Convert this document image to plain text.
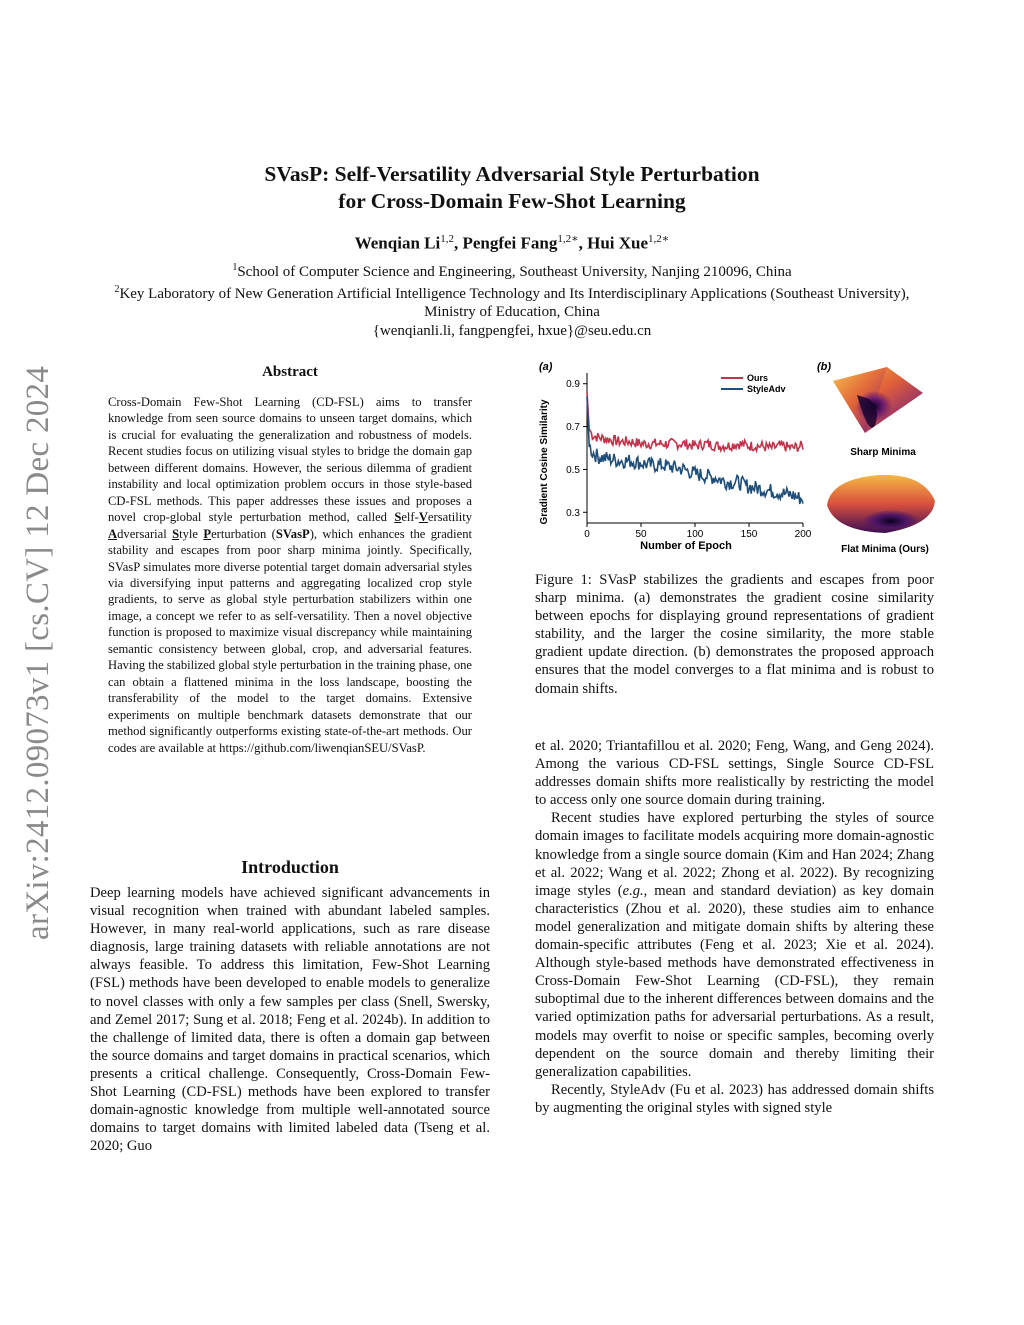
arXiv:2412.09073v1 [cs.CV] 12 Dec 2024
SVasP: Self-Versatility Adversarial Style Perturbation
for Cross-Domain Few-Shot Learning
Wenqian Li$^{1,2}$, Pengfei Fang$^{1,2∗}$, Hui Xue$^{1,2∗}$
$^1$School of Computer Science and Engineering, Southeast University, Nanjing 210096, China
$^2$Key Laboratory of New Generation Artificial Intelligence Technology and Its Interdisciplinary Applications (Southeast University), Ministry of Education, China
{wenqianli.li, fangpengfei, hxue}@seu.edu.cn
Abstract
Cross-Domain Few-Shot Learning (CD-FSL) aims to transfer knowledge from seen source domains to unseen target domains, which is crucial for evaluating the generalization and robustness of models. Recent studies focus on utilizing visual styles to bridge the domain gap between different domains. However, the serious dilemma of gradient instability and local optimization problem occurs in those style-based CD-FSL methods. This paper addresses these issues and proposes a novel crop-global style perturbation method, called Self-Versatility Adversarial Style Perturbation (SVasP), which enhances the gradient stability and escapes from poor sharp minima jointly. Specifically, SVasP simulates more diverse potential target domain adversarial styles via diversifying input patterns and aggregating localized crop style gradients, to serve as global style perturbation stabilizers within one image, a concept we refer to as self-versatility. Then a novel objective function is proposed to maximize visual discrepancy while maintaining semantic consistency between global, crop, and adversarial features. Having the stabilized global style perturbation in the training phase, one can obtain a flattened minima in the loss landscape, boosting the transferability of the model to the target domains. Extensive experiments on multiple benchmark datasets demonstrate that our method significantly outperforms existing state-of-the-art methods. Our codes are available at https://github.com/liwenqianSEU/SVasP.
Introduction

Deep learning models have achieved significant advancements in visual recognition when trained with abundant labeled samples. However, in many real-world applications, such as rare disease diagnosis, large training datasets with reliable annotations are not always feasible. To address this limitation, Few-Shot Learning (FSL) methods have been developed to enable models to generalize to novel classes with only a few samples per class (Snell, Swersky, and Zemel 2017; Sung et al. 2018; Feng et al. 2024b). In addition to the challenge of limited data, there is often a domain gap between the source domains and target domains in practical scenarios, which presents a critical challenge. Consequently, Cross-Domain Few-Shot Learning (CD-FSL) methods have been explored to transfer domain-agnostic knowledge from multiple well-annotated source domains to target domains with limited labeled data (Tseng et al. 2020; Guo

(a)	(b)
Gradient Cosine Similarity
Number of Epoch
0.3
0.5
0.7
0.9
0	50	100	150	200
Ours
StyleAdv
Sharp Minima
Flat Minima (Ours)
Figure 1: SVasP stabilizes the gradients and escapes from poor sharp minima. (a) demonstrates the gradient cosine similarity between epochs for displaying ground representations of gradient stability, and the larger the cosine similarity, the more stable gradient update direction. (b) demonstrates the proposed approach ensures that the model converges to a flat minima and is robust to domain shifts.

et al. 2020; Triantafillou et al. 2020; Feng, Wang, and Geng 2024). Among the various CD-FSL settings, Single Source CD-FSL addresses domain shifts more realistically by restricting the model to access only one source domain during training.

Recent studies have explored perturbing the styles of source domain images to facilitate models acquiring more domain-agnostic knowledge from a single source domain (Kim and Han 2024; Zhang et al. 2022; Wang et al. 2022; Zhong et al. 2022). By recognizing image styles (e.g., mean and standard deviation) as key domain characteristics (Zhou et al. 2020), these studies aim to enhance model generalization and mitigate domain shifts by altering these domain-specific attributes (Feng et al. 2023; Xie et al. 2024). Although style-based methods have demonstrated effectiveness in Cross-Domain Few-Shot Learning (CD-FSL), they remain suboptimal due to the inherent differences between domains and the varied optimization paths for adversarial perturbations. As a result, models may overfit to noise or specific samples, becoming overly dependent on the source domain and thereby limiting their generalization capabilities.

Recently, StyleAdv (Fu et al. 2023) has addressed domain shifts by augmenting the original styles with signed style
